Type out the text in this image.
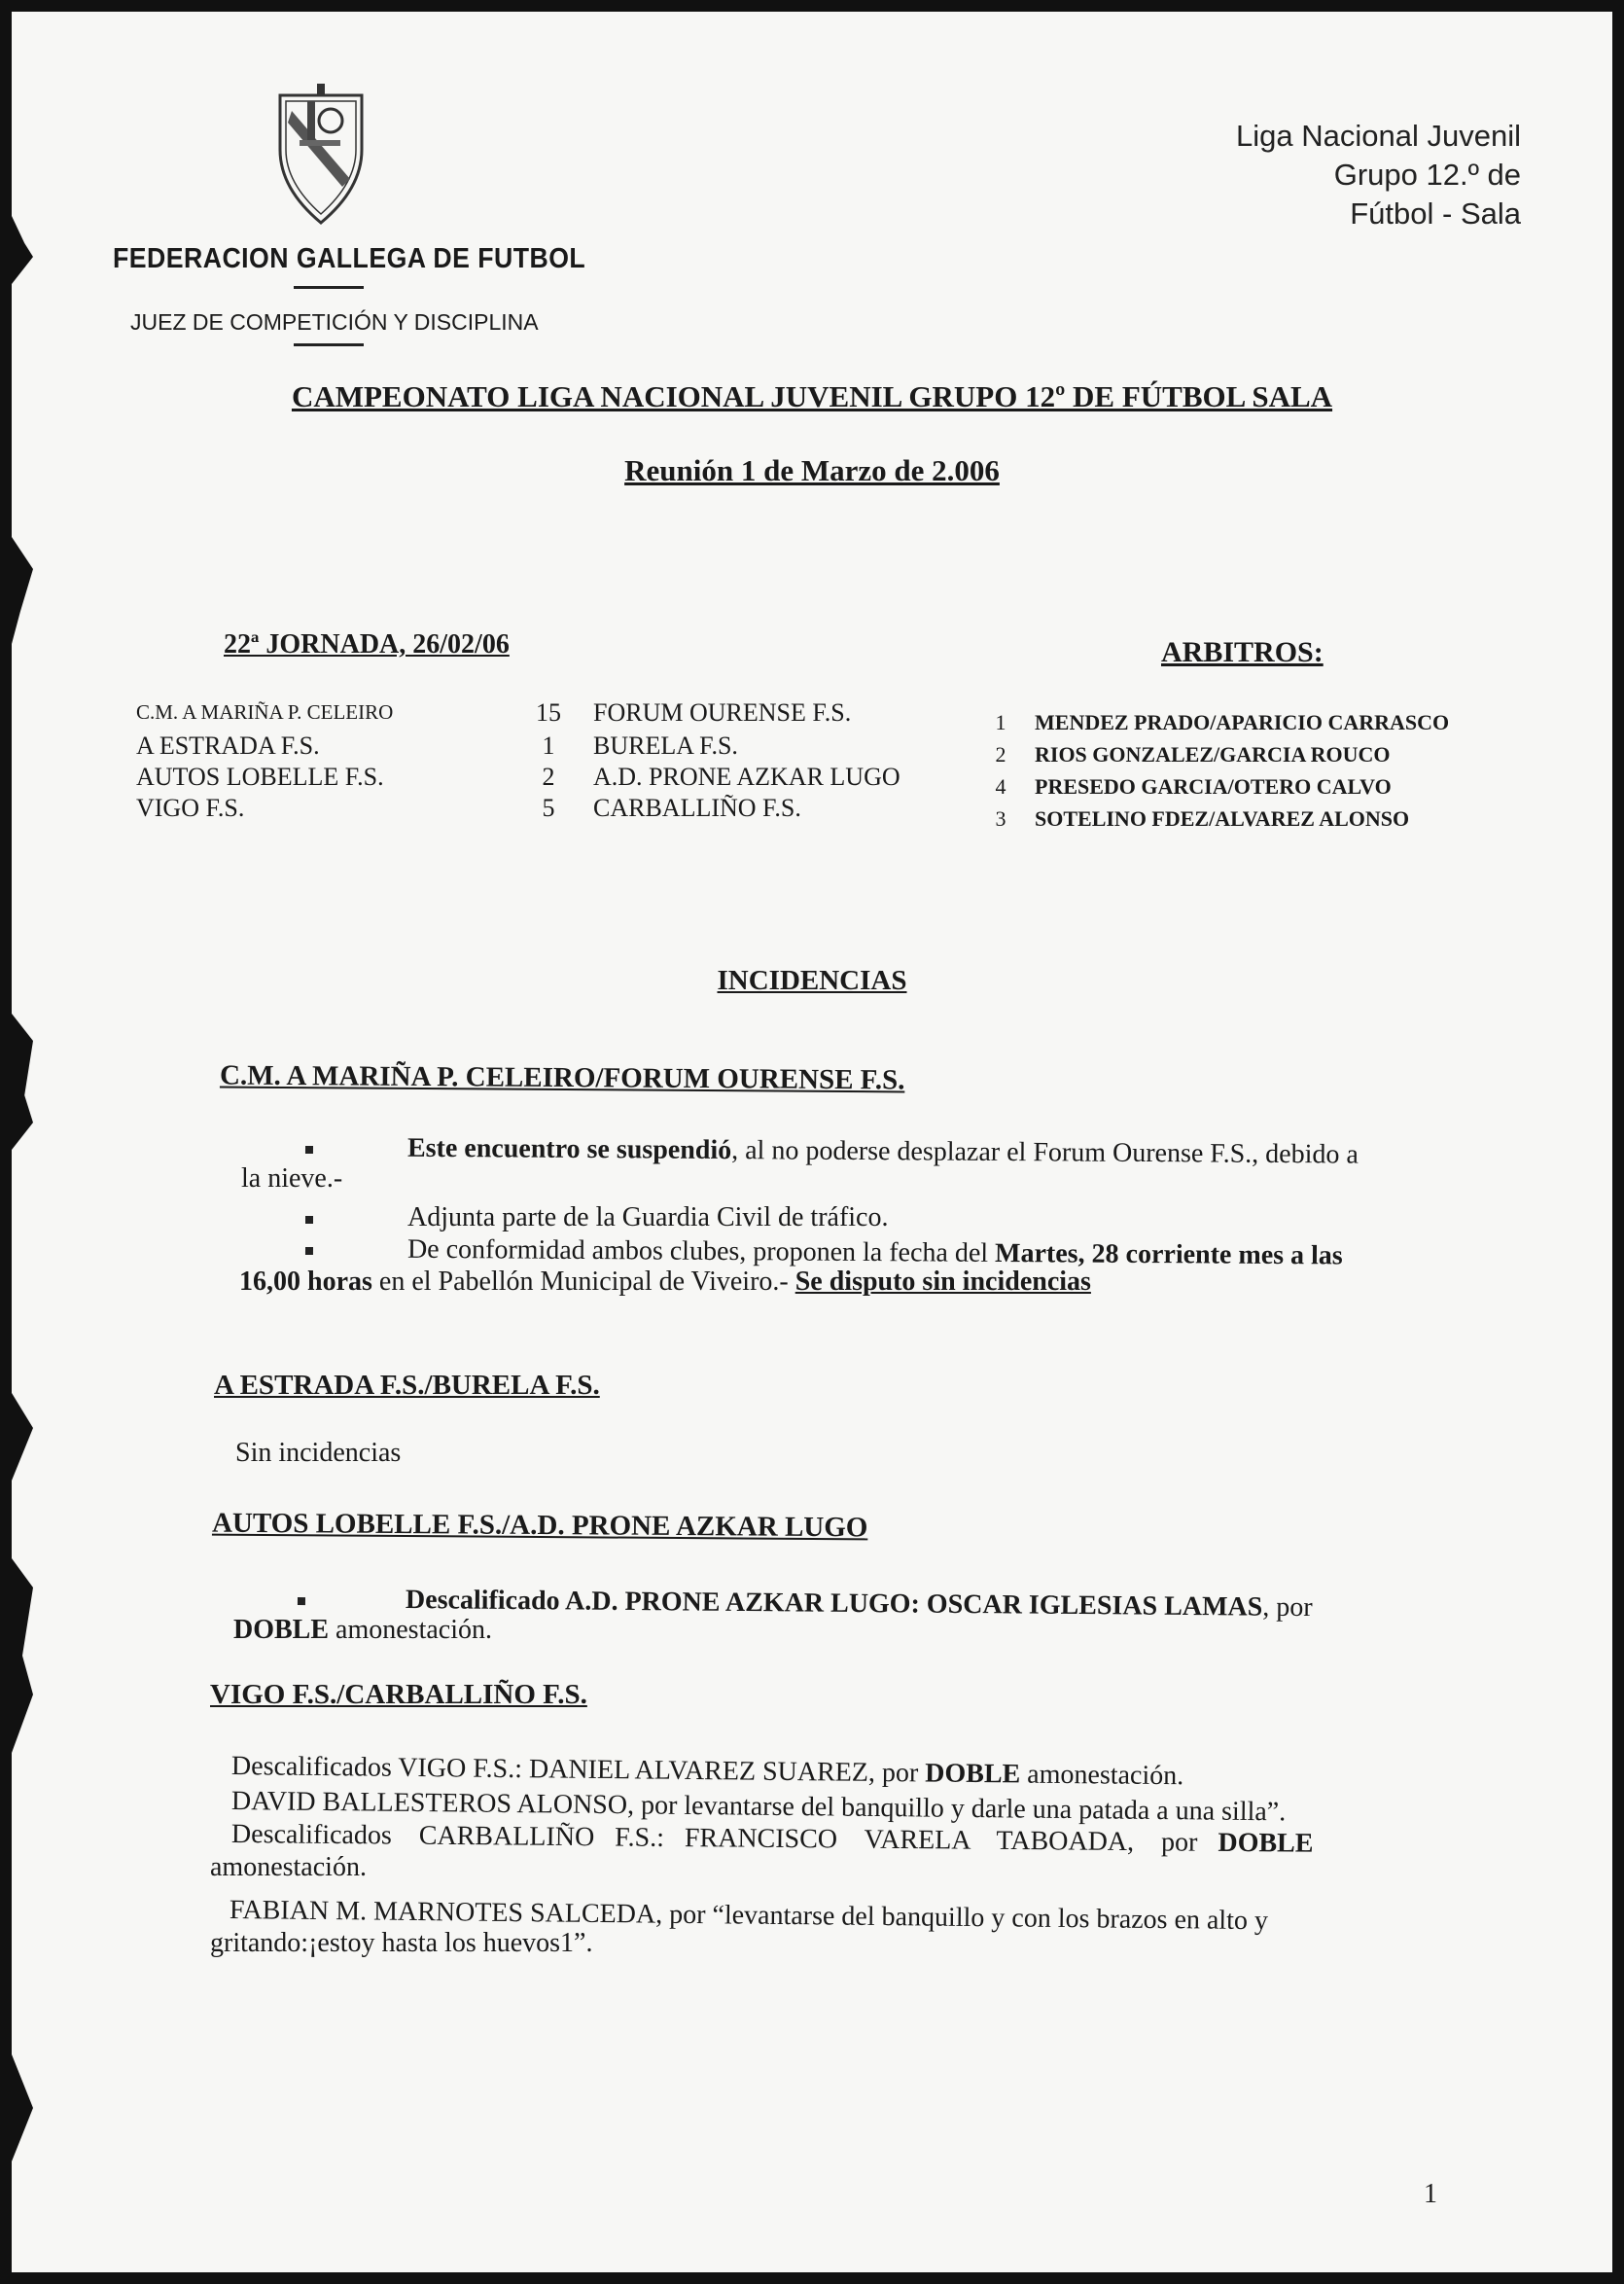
FEDERACION GALLEGA DE FUTBOL
JUEZ DE COMPETICIÓN Y DISCIPLINA
Liga Nacional Juvenil
Grupo 12.º de
Fútbol - Sala
CAMPEONATO LIGA NACIONAL JUVENIL GRUPO 12º DE FÚTBOL SALA
Reunión 1 de Marzo de 2.006
22ª JORNADA, 26/02/06	ARBITROS:
C.M. A MARIÑA P. CELEIRO	15 FORUM OURENSE F.S.
A ESTRADA F.S.	1	BURELA F.S.
AUTOS LOBELLE F.S.	2	A.D. PRONE AZKAR LUGO
VIGO F.S.	5	CARBALLIÑO F.S.
1	MENDEZ PRADO/APARICIO CARRASCO
2	RIOS GONZALEZ/GARCIA ROUCO
4	PRESEDO GARCIA/OTERO CALVO
3	SOTELINO FDEZ/ALVAREZ ALONSO
INCIDENCIAS
C.M. A MARIÑA P. CELEIRO/FORUM OURENSE F.S.
Este encuentro se suspendió, al no poderse desplazar el Forum Ourense F.S., debido a
la nieve.-
Adjunta parte de la Guardia Civil de tráfico.
De conformidad ambos clubes, proponen la fecha del Martes, 28 corriente mes a las
16,00 horas en el Pabellón Municipal de Viveiro.- Se disputo sin incidencias
A ESTRADA F.S./BURELA F.S.
Sin incidencias
AUTOS LOBELLE F.S./A.D. PRONE AZKAR LUGO
Descalificado A.D. PRONE AZKAR LUGO: OSCAR IGLESIAS LAMAS, por
DOBLE amonestación.
VIGO F.S./CARBALLIÑO F.S.
Descalificados VIGO F.S.: DANIEL ALVAREZ SUAREZ, por DOBLE amonestación.
DAVID BALLESTEROS ALONSO, por levantarse del banquillo y darle una patada a una silla”.
Descalificados    CARBALLIÑO   F.S.:   FRANCISCO    VARELA    TABOADA,    por   DOBLE
amonestación.
FABIAN M. MARNOTES SALCEDA, por “levantarse del banquillo y con los brazos en alto y
gritando:¡estoy hasta los huevos1”.
1
